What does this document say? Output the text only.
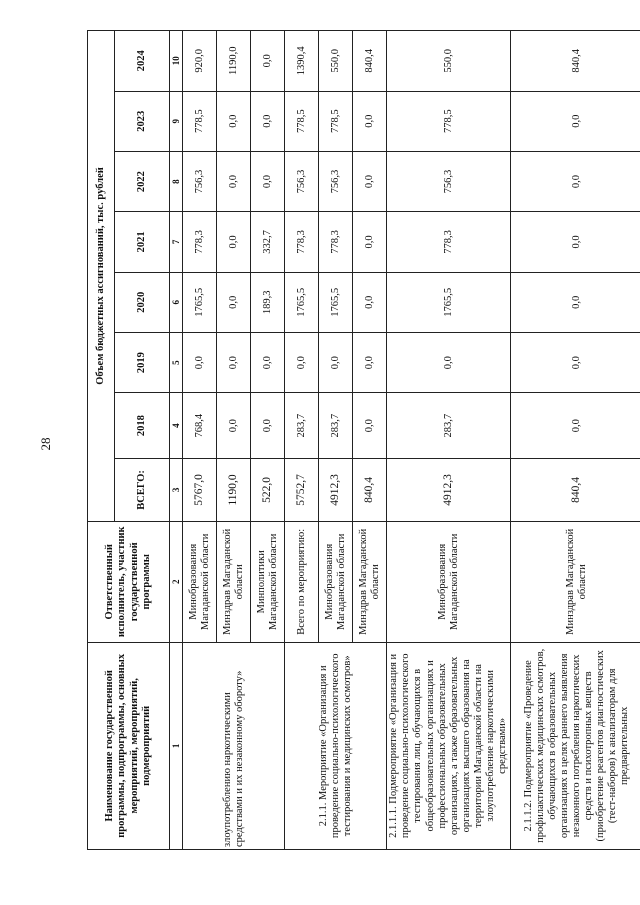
28
Наименование государственной программы, подпрограммы, основных мероприятий, мероприятий, подмероприятий	Ответственный исполнитель, участник государственной программы	Объем бюджетных ассигнований, тыс. рублей							
		ВСЕГО:	2018	2019	2020	2021	2022	2023	2024
1	2	3	4	5	6	7	8	9	10
злоупотреблению наркотическими средствами и их незаконному обороту»	Минобразования Магаданской области	5767,0	768,4	0,0	1765,5	778,3	756,3	778,5	920,0
	Минздрав Магаданской области	1190,0	0,0	0,0	0,0	0,0	0,0	0,0	1190,0
	Минполитики Магаданской области	522,0	0,0	0,0	189,3	332,7	0,0	0,0	0,0
2.1.1. Мероприятие «Организация и проведение социально-психологического тестирования и медицинских осмотров»	Всего по мероприятию:	5752,7	283,7	0,0	1765,5	778,3	756,3	778,5	1390,4
	Минобразования Магаданской области	4912,3	283,7	0,0	1765,5	778,3	756,3	778,5	550,0
	Минздрав Магаданской области	840,4	0,0	0,0	0,0	0,0	0,0	0,0	840,4
2.1.1.1. Подмероприятие «Организация и проведение социально-психологического тестирования лиц, обучающихся в общеобразовательных организациях и профессиональных образовательных организациях, а также образовательных организациях высшего образования на территории Магаданской области на злоупотребление наркотическими средствами»	Минобразования Магаданской области	4912,3	283,7	0,0	1765,5	778,3	756,3	778,5	550,0
2.1.1.2. Подмероприятие «Проведение профилактических медицинских осмотров, обучающихся в образовательных организациях в целях раннего выявления незаконного потребления наркотических средств и психотропных веществ (приобретение реагентов диагностических (тест-наборов) к анализаторам для предварительных	Минздрав Магаданской области	840,4	0,0	0,0	0,0	0,0	0,0	0,0	840,4
